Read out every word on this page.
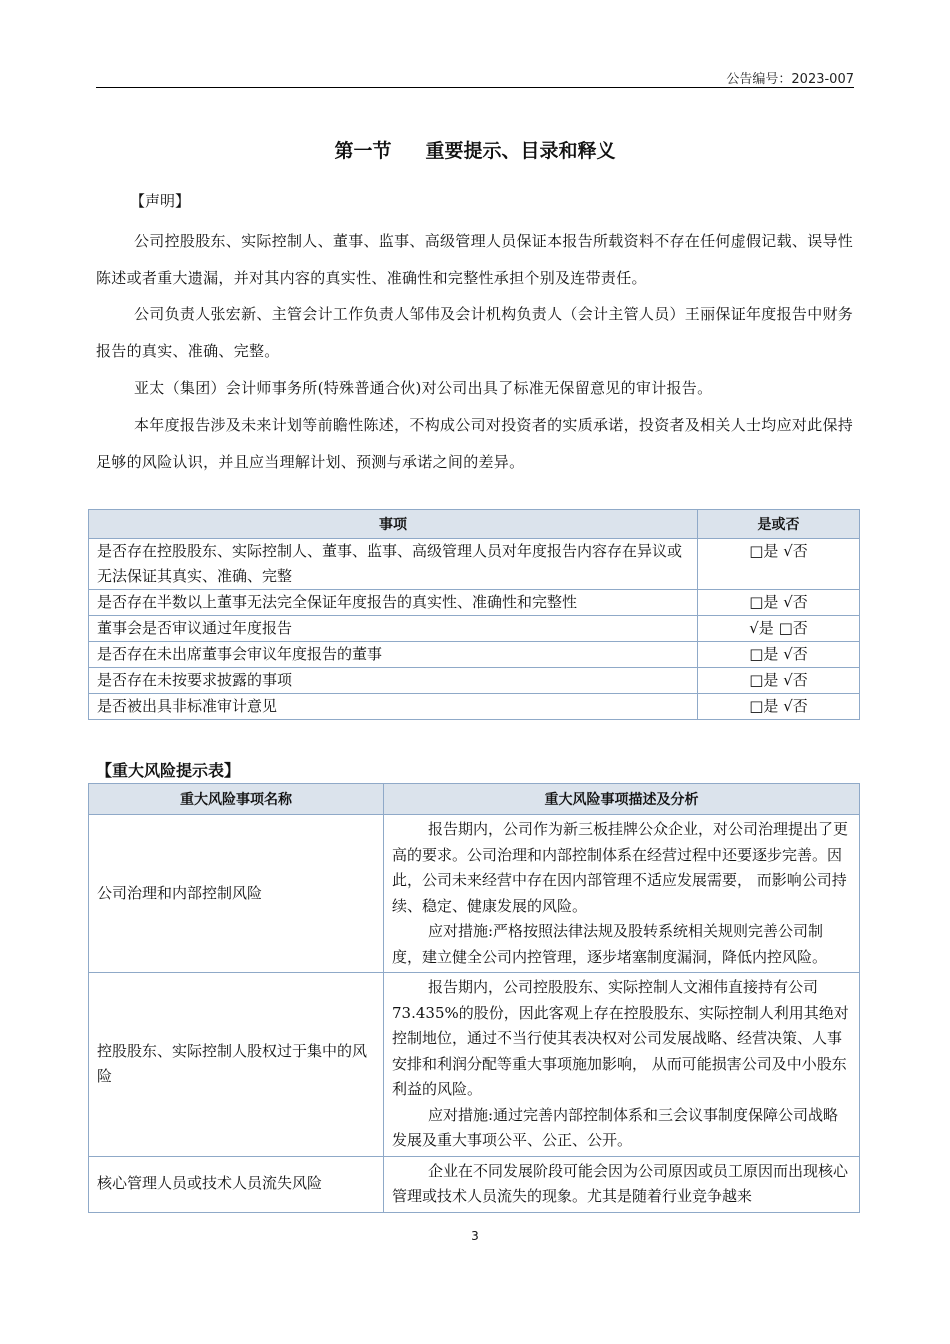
公告编号：2023-007
第一节 重要提示、目录和释义
【声明】
公司控股股东、实际控制人、董事、监事、高级管理人员保证本报告所载资料不存在任何虚假记载、误导性陈述或者重大遗漏，并对其内容的真实性、准确性和完整性承担个别及连带责任。
公司负责人张宏新、主管会计工作负责人邹伟及会计机构负责人（会计主管人员）王丽保证年度报告中财务报告的真实、准确、完整。
亚太（集团）会计师事务所(特殊普通合伙)对公司出具了标准无保留意见的审计报告。
本年度报告涉及未来计划等前瞻性陈述，不构成公司对投资者的实质承诺，投资者及相关人士均应对此保持足够的风险认识，并且应当理解计划、预测与承诺之间的差异。
事项	是或否
是否存在控股股东、实际控制人、董事、监事、高级管理人员对年度报告内容存在异议或无法保证其真实、准确、完整	□是 √否
是否存在半数以上董事无法完全保证年度报告的真实性、准确性和完整性	□是 √否
董事会是否审议通过年度报告	√是 □否
是否存在未出席董事会审议年度报告的董事	□是 √否
是否存在未按要求披露的事项	□是 √否
是否被出具非标准审计意见	□是 √否
【重大风险提示表】
重大风险事项名称	重大风险事项描述及分析
公司治理和内部控制风险	报告期内，公司作为新三板挂牌公众企业，对公司治理提出了更高的要求。公司治理和内部控制体系在经营过程中还要逐步完善。因此，公司未来经营中存在因内部管理不适应发展需要， 而影响公司持续、稳定、健康发展的风险。
应对措施:严格按照法律法规及股转系统相关规则完善公司制度，建立健全公司内控管理，逐步堵塞制度漏洞，降低内控风险。

控股股东、实际控制人股权过于集中的风险	报告期内，公司控股股东、实际控制人文湘伟直接持有公司 73.435%的股份，因此客观上存在控股股东、实际控制人利用其绝对控制地位，通过不当行使其表决权对公司发展战略、经营决策、人事安排和利润分配等重大事项施加影响， 从而可能损害公司及中小股东利益的风险。
应对措施:通过完善内部控制体系和三会议事制度保障公司战略发展及重大事项公平、公正、公开。

核心管理人员或技术人员流失风险	企业在不同发展阶段可能会因为公司原因或员工原因而出现核心管理或技术人员流失的现象。尤其是随着行业竞争越来
3
